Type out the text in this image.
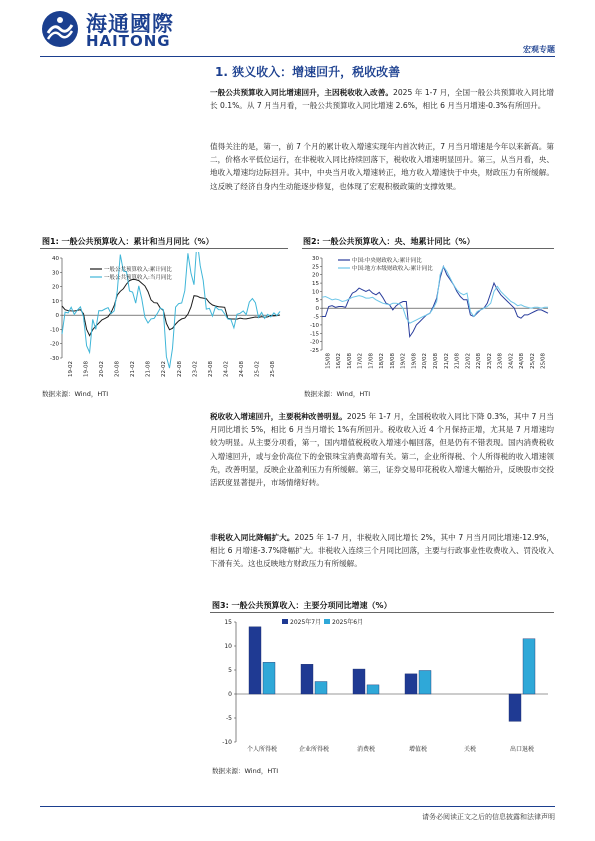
海通國際
HAITONG	宏观专题
1. 狭义收入：增速回升，税收改善
一般公共预算收入同比增速回升，主因税收收入改善。2025 年 1-7 月，全国一般公共预算收入同比增长 0.1%。从 7 月当月看，一般公共预算收入同比增速 2.6%，相比 6 月当月增速-0.3%有所回升。
值得关注的是，第一，前 7 个月的累计收入增速实现年内首次转正，7 月当月增速是今年以来新高。第二，价格水平低位运行，在非税收入同比持续回落下，税收收入增速明显回升。第三，从当月看，央、地收入增速均边际回升。其中，中央当月收入增速转正，地方收入增速快于中央，财政压力有所缓解。这反映了经济自身内生动能逐步修复，也体现了宏观积极政策的支撑效果。
图1: 一般公共预算收入：累计和当月同比（%）
-30
-20
-10
0
10
20
30
40
19-02 19-08 20-02 20-08 21-02 21-08 22-02 22-08 23-02 23-08 24-02 24-08 25-02 25-08
一般公共预算收入:累计同比
一般公共预算收入:当月同比
数据来源：Wind，HTI
图2: 一般公共预算收入：央、地累计同比（%）
-25
-20
-15
-10
-5
0
5
10
15
20
25
30
15/08 16/02 16/08 17/02 17/08 18/02 18/08 19/02 19/08 20/02 20/08 21/02 21/08 22/02 22/08 23/02 23/08 24/02 24/08 25/02 25/08
中国:中央财政收入:累计同比
中国:地方本级财政收入:累计同比
数据来源：Wind，HTI
税收收入增速回升，主要税种改善明显。2025 年 1-7 月，全国税收收入同比下降 0.3%，其中 7 月当月同比增长 5%，相比 6 月当月增长 1%有所回升。税收收入近 4 个月保持正增，尤其是 7 月增速均较为明显。从主要分项看，第一，国内增值税税收入增速小幅回落，但是仍有不错表现。国内消费税收入增速回升，或与金价高位下的金银珠宝消费高增有关。第二，企业所得税、个人所得税的收入增速领先，改善明显，反映企业盈利压力有所缓解。第三，证券交易印花税收入增速大幅抬升，反映股市交投活跃度显著提升，市场情绪好转。
非税收入同比降幅扩大。2025 年 1-7 月，非税收入同比增长 2%，其中 7 月当月同比增速-12.9%，相比 6 月增速-3.7%降幅扩大。非税收入连续三个月同比回落，主要与行政事业性收费收入、罚没收入下滑有关。这也反映地方财政压力有所缓解。
图3: 一般公共预算收入：主要分项同比增速（%）
-10
-5
0
5
10
15
个人所得税	企业所得税	消费税	增值税	关税	出口退税
2025年7月 2025年6月
数据来源：Wind，HTI
请务必阅读正文之后的信息披露和法律声明
